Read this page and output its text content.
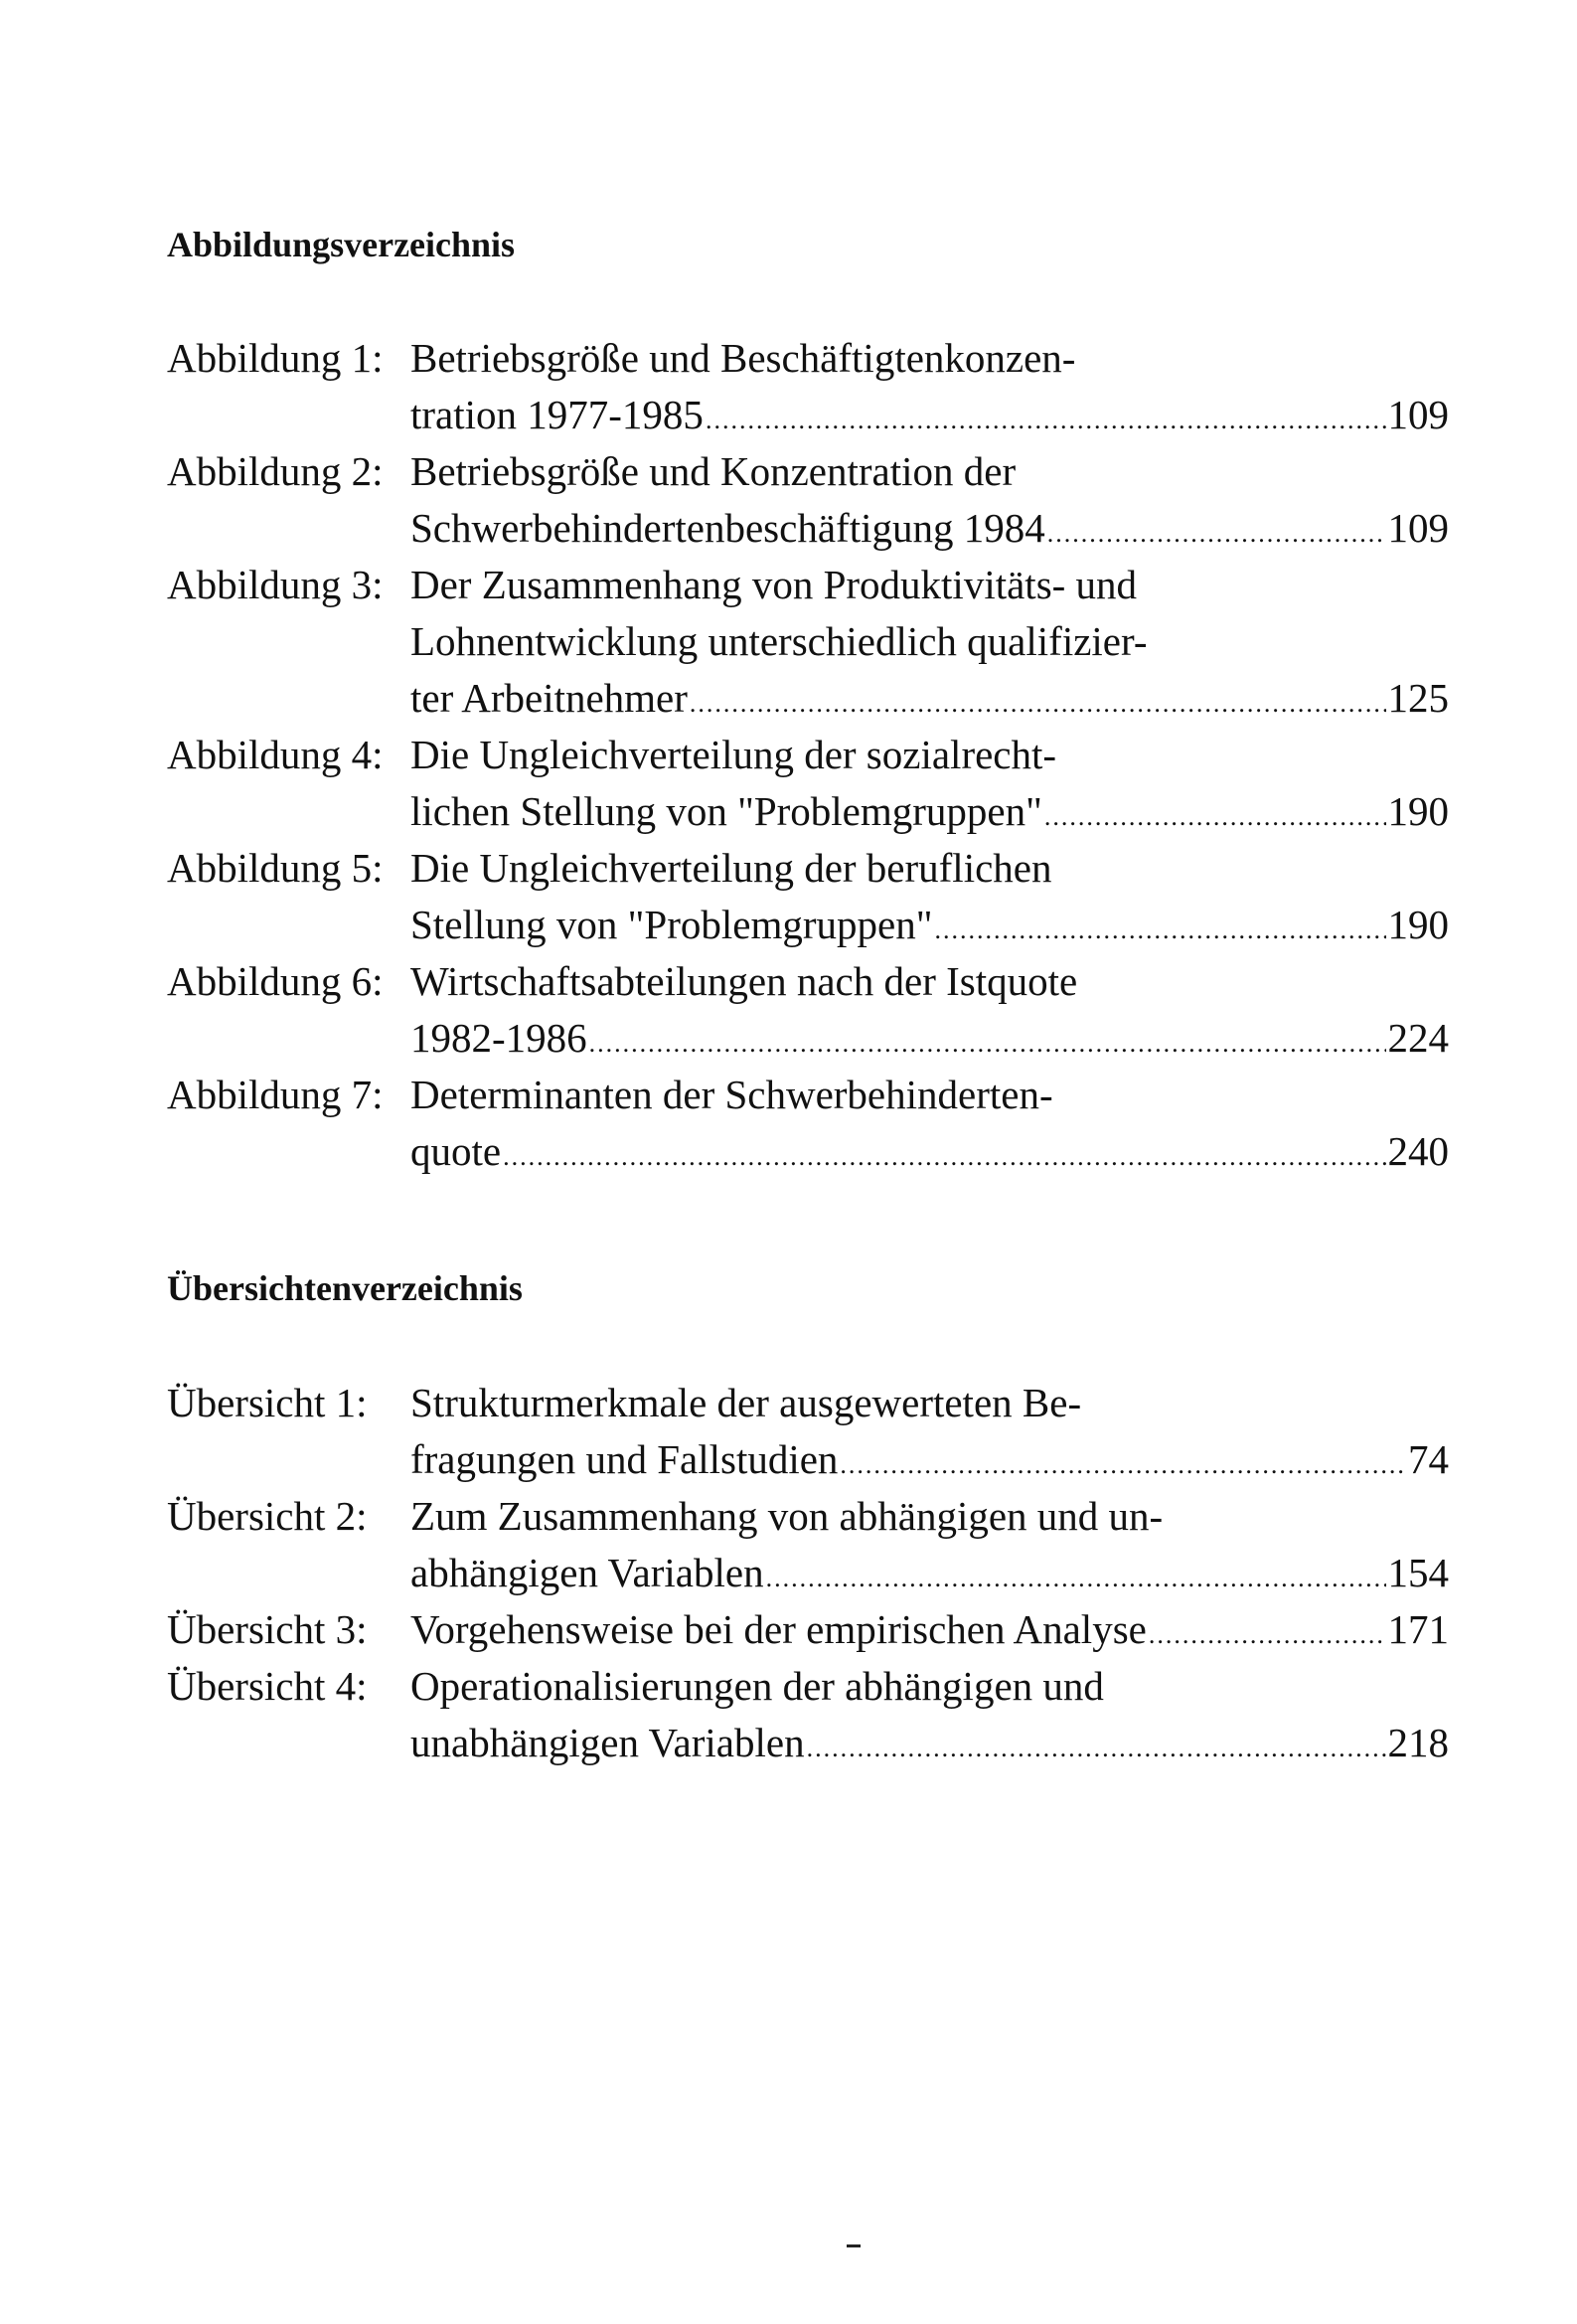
Abbildungsverzeichnis
Abbildung 1: Betriebsgröße und Beschäftigtenkonzen-
tration 1977-1985 .....	109
Abbildung 2: Betriebsgröße und Konzentration der
Schwerbehindertenbeschäftigung 1984 .....	109
Abbildung 3: Der Zusammenhang von Produktivitäts- und
Lohnentwicklung unterschiedlich qualifizier-
ter Arbeitnehmer .....	125
Abbildung 4: Die Ungleichverteilung der sozialrecht-
lichen Stellung von "Problemgruppen" .....	190
Abbildung 5: Die Ungleichverteilung der beruflichen
Stellung von "Problemgruppen" .....	190
Abbildung 6: Wirtschaftsabteilungen nach der Istquote
1982-1986 .....	224
Abbildung 7: Determinanten der Schwerbehinderten-
quote .....	240
Übersichtenverzeichnis
Übersicht 1: Strukturmerkmale der ausgewerteten Be-
fragungen und Fallstudien .....	74
Übersicht 2: Zum Zusammenhang von abhängigen und un-
abhängigen Variablen .....	154
Übersicht 3: Vorgehensweise bei der empirischen Analyse .....	171
Übersicht 4: Operationalisierungen der abhängigen und
unabhängigen Variablen .....	218
